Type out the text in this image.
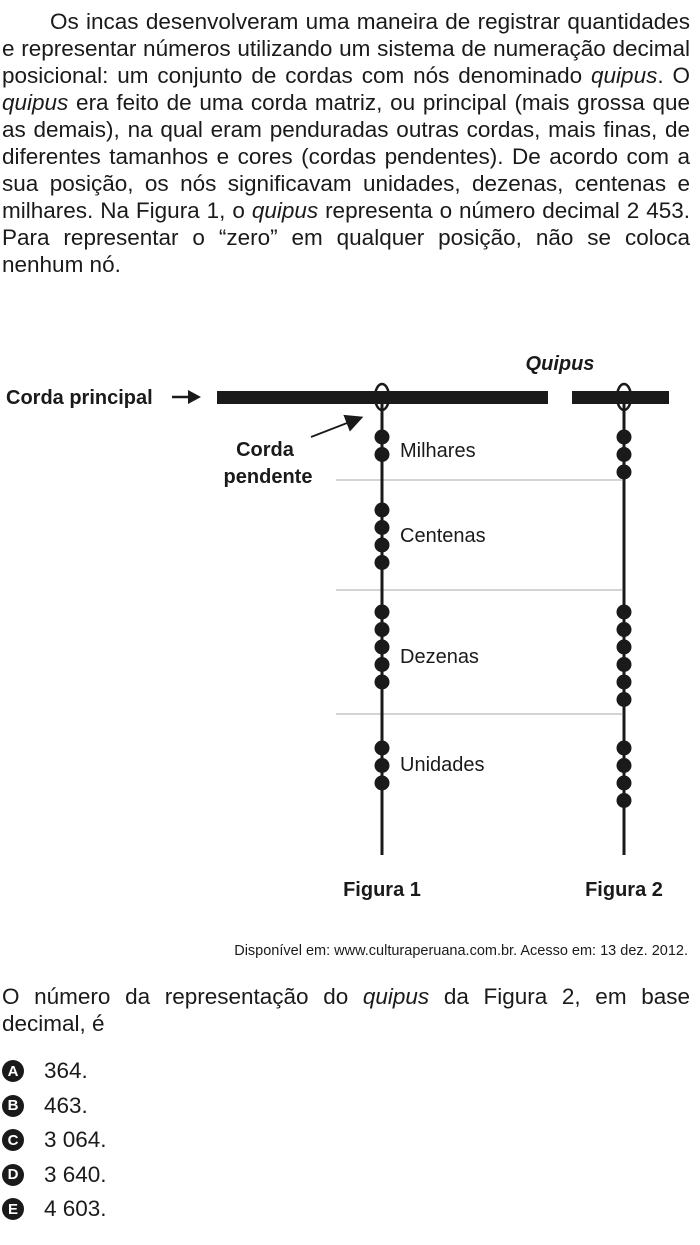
Os incas desenvolveram uma maneira de registrar quantidades e representar números utilizando um sistema de numeração decimal posicional: um conjunto de cordas com nós denominado quipus. O quipus era feito de uma corda matriz, ou principal (mais grossa que as demais), na qual eram penduradas outras cordas, mais finas, de diferentes tamanhos e cores (cordas pendentes). De acordo com a sua posição, os nós significavam unidades, dezenas, centenas e milhares. Na Figura 1, o quipus representa o número decimal 2 453. Para representar o “zero” em qualquer posição, não se coloca nenhum nó.

Quipus
Corda principal
Corda
pendente
Milhares
Centenas
Dezenas
Unidades
Figura 1	Figura 2

Disponível em: www.culturaperuana.com.br. Acesso em: 13 dez. 2012.

O número da representação do quipus da Figura 2, em base decimal, é

A 364.
B 463.
C 3 064.
D 3 640.
E 4 603.
